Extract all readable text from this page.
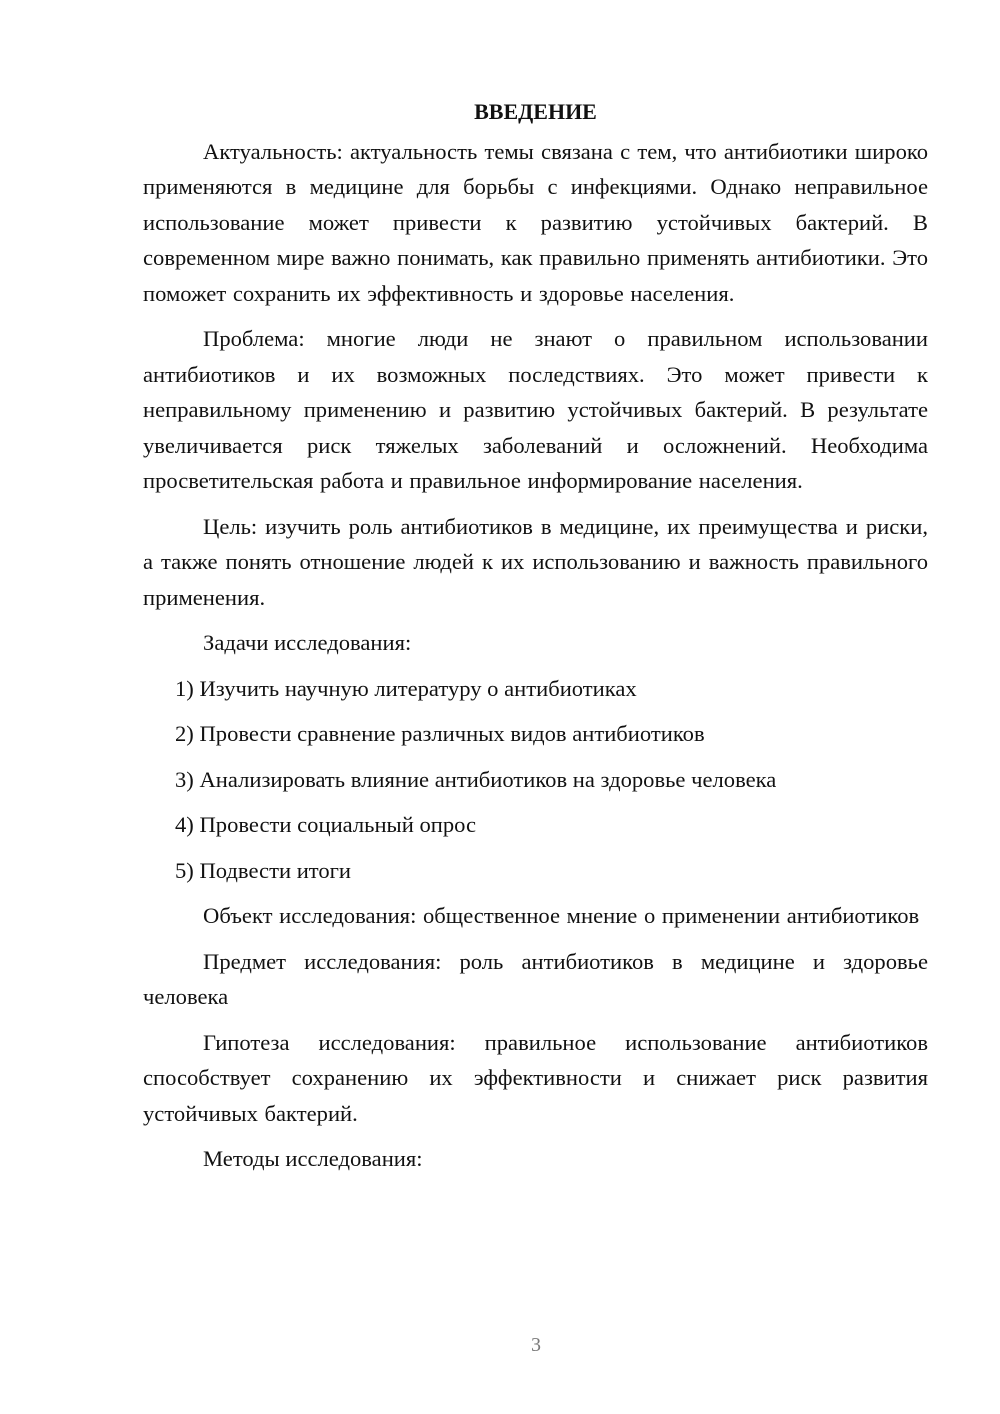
ВВЕДЕНИЕ

Актуальность: актуальность темы связана с тем, что антибиотики широко применяются в медицине для борьбы с инфекциями. Однако неправильное использование может привести к развитию устойчивых бактерий. В современном мире важно понимать, как правильно применять антибиотики. Это поможет сохранить их эффективность и здоровье населения.

Проблема: многие люди не знают о правильном использовании антибиотиков и их возможных последствиях. Это может привести к неправильному применению и развитию устойчивых бактерий. В результате увеличивается риск тяжелых заболеваний и осложнений. Необходима просветительская работа и правильное информирование населения.

Цель: изучить роль антибиотиков в медицине, их преимущества и риски, а также понять отношение людей к их использованию и важность правильного применения.

Задачи исследования:

1) Изучить научную литературу о антибиотиках
2) Провести сравнение различных видов антибиотиков
3) Анализировать влияние антибиотиков на здоровье человека
4) Провести социальный опрос
5) Подвести итоги

Объект исследования: общественное мнение о применении антибиотиков

Предмет исследования: роль антибиотиков в медицине и здоровье человека

Гипотеза исследования: правильное использование антибиотиков способствует сохранению их эффективности и снижает риск развития устойчивых бактерий.

Методы исследования:

3
